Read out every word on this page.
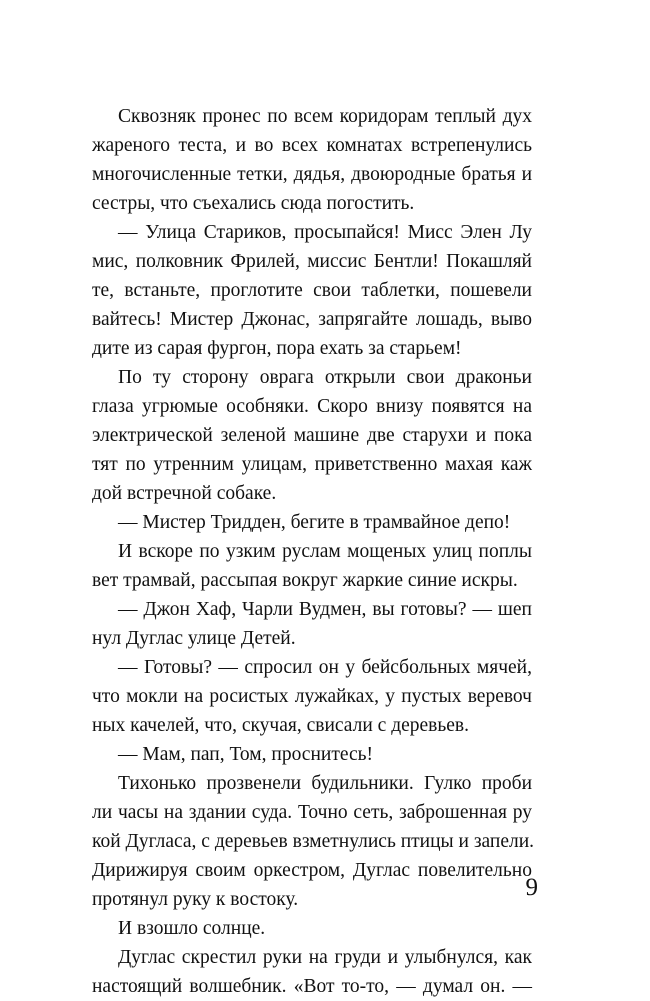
Сквозняк пронес по всем коридорам теплый дух
жареного теста, и во всех комнатах встрепенулись
многочисленные тетки, дядья, двоюродные братья и
сестры, что съехались сюда погостить.
— Улица Стариков, просыпайся! Мисс Элен Лу
мис, полковник Фрилей, миссис Бентли! Покашляй
те, встаньте, проглотите свои таблетки, пошевели
вайтесь! Мистер Джонас, запрягайте лошадь, выво
дите из сарая фургон, пора ехать за старьем!
По ту сторону оврага открыли свои драконьи
глаза угрюмые особняки. Скоро внизу появятся на
электрической зеленой машине две старухи и пока
тят по утренним улицам, приветственно махая каж
дой встречной собаке.
— Мистер Тридден, бегите в трамвайное депо!
И вскоре по узким руслам мощеных улиц поплы
вет трамвай, рассыпая вокруг жаркие синие искры.
— Джон Хаф, Чарли Вудмен, вы готовы? — шеп
нул Дуглас улице Детей.
— Готовы? — спросил он у бейсбольных мячей,
что мокли на росистых лужайках, у пустых веревоч
ных качелей, что, скучая, свисали с деревьев.
— Мам, пап, Том, проснитесь!
Тихонько прозвенели будильники. Гулко проби
ли часы на здании суда. Точно сеть, заброшенная ру
кой Дугласа, с деревьев взметнулись птицы и запели.
Дирижируя своим оркестром, Дуглас повелительно
протянул руку к востоку.
И взошло солнце.
Дуглас скрестил руки на груди и улыбнулся, как
настоящий волшебник. «Вот то-то, — думал он. —
9
